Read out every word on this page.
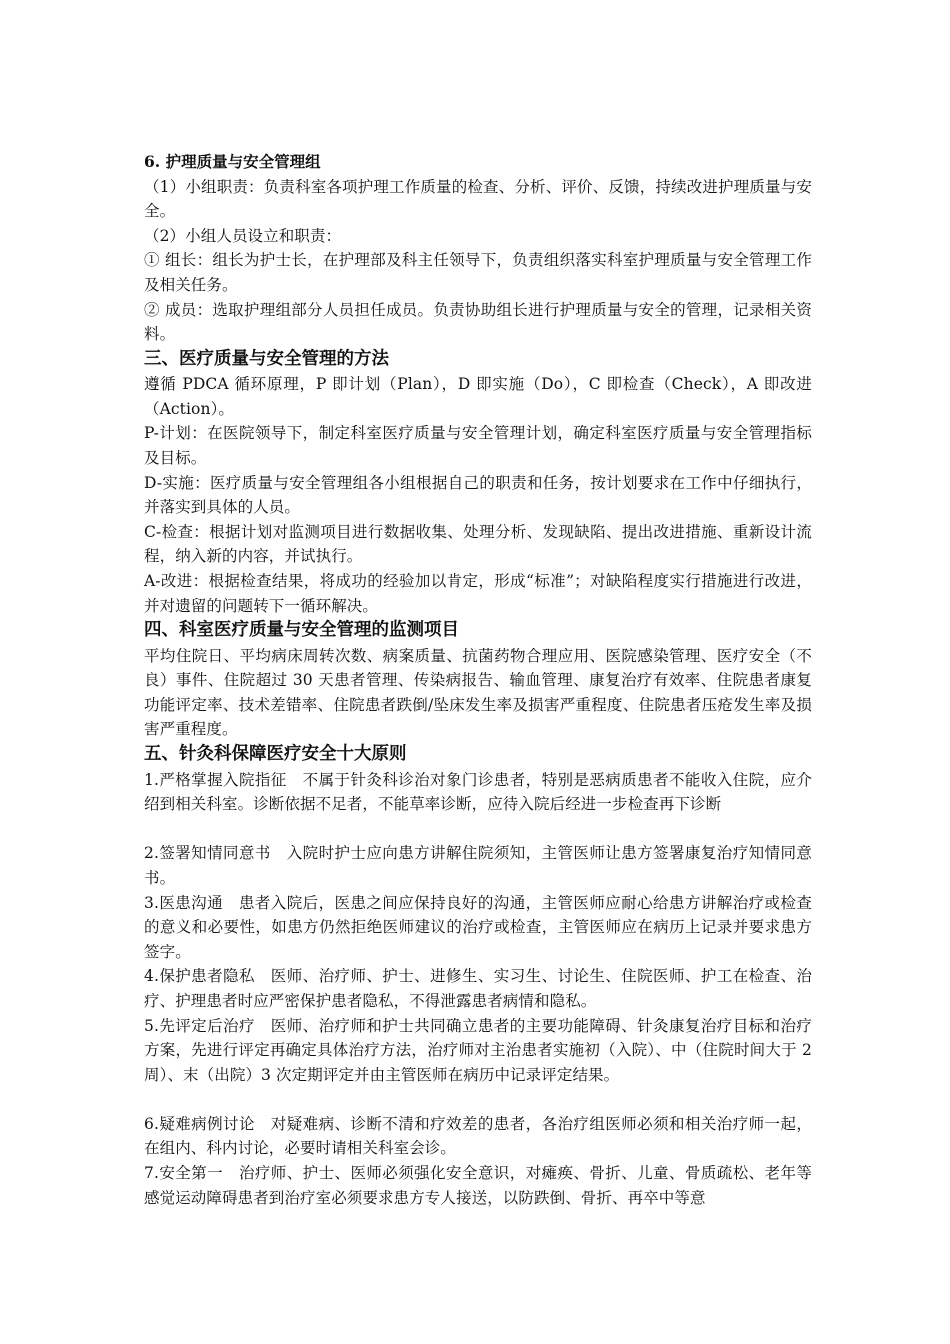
6. 护理质量与安全管理组

（1）小组职责：负责科室各项护理工作质量的检查、分析、评价、反馈，持续改进护理质量与安全。

（2）小组人员设立和职责：

① 组长：组长为护士长，在护理部及科主任领导下，负责组织落实科室护理质量与安全管理工作及相关任务。

② 成员：选取护理组部分人员担任成员。负责协助组长进行护理质量与安全的管理，记录相关资料。

三、医疗质量与安全管理的方法

遵循 PDCA 循环原理，P 即计划（Plan），D 即实施（Do），C 即检查（Check），A 即改进（Action）。

P-计划：在医院领导下，制定科室医疗质量与安全管理计划，确定科室医疗质量与安全管理指标及目标。

D-实施：医疗质量与安全管理组各小组根据自己的职责和任务，按计划要求在工作中仔细执行，并落实到具体的人员。

C-检查：根据计划对监测项目进行数据收集、处理分析、发现缺陷、提出改进措施、重新设计流程，纳入新的内容，并试执行。

A-改进：根据检查结果，将成功的经验加以肯定，形成“标准”；对缺陷程度实行措施进行改进，并对遗留的问题转下一循环解决。

四、科室医疗质量与安全管理的监测项目

平均住院日、平均病床周转次数、病案质量、抗菌药物合理应用、医院感染管理、医疗安全（不良）事件、住院超过 30 天患者管理、传染病报告、输血管理、康复治疗有效率、住院患者康复功能评定率、技术差错率、住院患者跌倒/坠床发生率及损害严重程度、住院患者压疮发生率及损害严重程度。

五、针灸科保障医疗安全十大原则

1.严格掌握入院指征　不属于针灸科诊治对象门诊患者，特别是恶病质患者不能收入住院，应介绍到相关科室。诊断依据不足者，不能草率诊断，应待入院后经进一步检查再下诊断

2.签署知情同意书　入院时护士应向患方讲解住院须知，主管医师让患方签署康复治疗知情同意书。

3.医患沟通　患者入院后，医患之间应保持良好的沟通，主管医师应耐心给患方讲解治疗或检查的意义和必要性，如患方仍然拒绝医师建议的治疗或检查，主管医师应在病历上记录并要求患方签字。

4.保护患者隐私　医师、治疗师、护士、进修生、实习生、讨论生、住院医师、护工在检查、治疗、护理患者时应严密保护患者隐私，不得泄露患者病情和隐私。

5.先评定后治疗　医师、治疗师和护士共同确立患者的主要功能障碍、针灸康复治疗目标和治疗方案，先进行评定再确定具体治疗方法，治疗师对主治患者实施初（入院）、中（住院时间大于 2 周）、末（出院）3 次定期评定并由主管医师在病历中记录评定结果。

6.疑难病例讨论　对疑难病、诊断不清和疗效差的患者，各治疗组医师必须和相关治疗师一起，在组内、科内讨论，必要时请相关科室会诊。

7.安全第一　治疗师、护士、医师必须强化安全意识，对瘫痪、骨折、儿童、骨质疏松、老年等感觉运动障碍患者到治疗室必须要求患方专人接送，以防跌倒、骨折、再卒中等意
